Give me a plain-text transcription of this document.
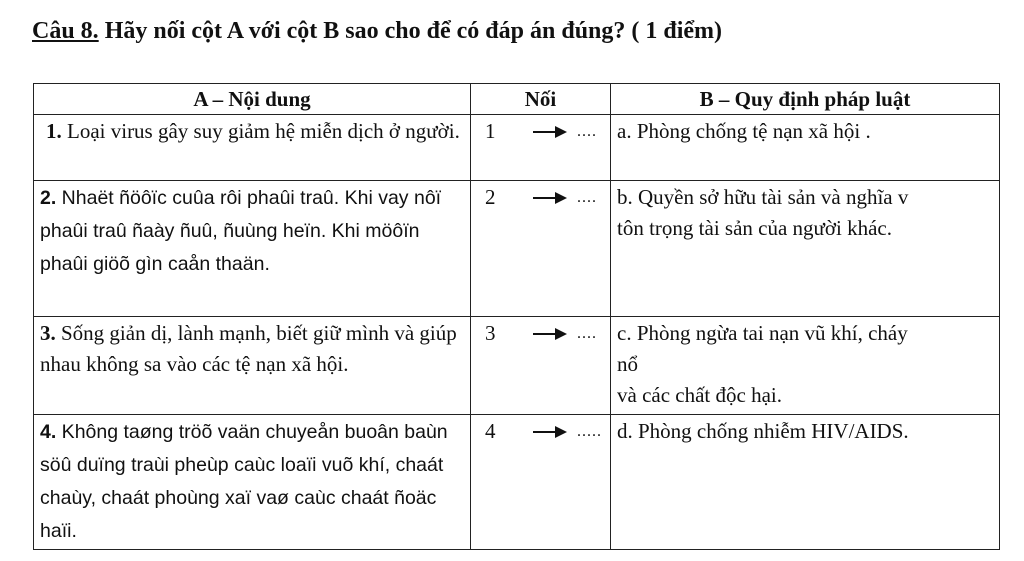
Câu 8. Hãy nối cột A với cột B sao cho để có đáp án đúng? ( 1 điểm)
A – Nội dung	Nối	B – Quy định pháp luật
1. Loại virus gây suy giảm hệ miễn dịch ở người.	1 ....	a. Phòng chống tệ nạn xã hội .
2. Nhaët ñöôïc cuûa rôi phaûi traû. Khi vay nôï phaûi traû ñaày ñuû, ñuùng heïn. Khi möôïn phaûi giöõ gìn caån thaän.	2 ....	b. Quyền sở hữu tài sản và nghĩa v
tôn trọng tài sản của người khác.
3. Sống giản dị, lành mạnh, biết giữ mình và giúp nhau không sa vào các tệ nạn xã hội.	3 ....	c. Phòng ngừa tai nạn vũ khí, cháy
nổ
và các chất độc hại.
4. Không taøng tröõ vaän chuyeån buoân baùn söû duïng traùi pheùp caùc loaïi vuõ khí, chaát chaùy, chaát phoùng xaï vaø caùc chaát ñoäc haïi.	4 .....	d. Phòng chống nhiễm HIV/AIDS.
